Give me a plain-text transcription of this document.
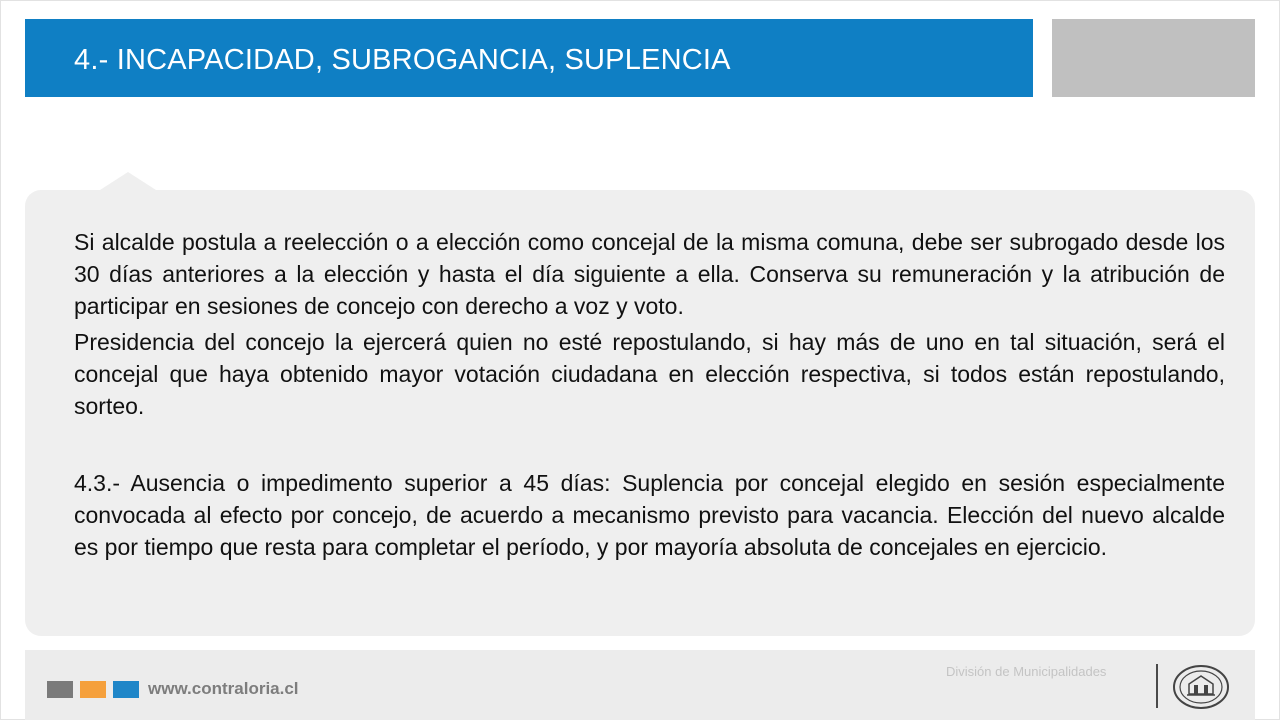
4.- INCAPACIDAD, SUBROGANCIA, SUPLENCIA

Si alcalde postula a reelección o a elección como concejal de la misma comuna, debe ser subrogado desde los 30 días anteriores a la elección y hasta el día siguiente a ella. Conserva su remuneración y la atribución de participar en sesiones de concejo con derecho a voz y voto.

Presidencia del concejo la ejercerá quien no esté repostulando, si hay más de uno en tal situación, será el concejal que haya obtenido mayor votación ciudadana en elección respectiva, si todos están repostulando, sorteo.

4.3.- Ausencia o impedimento superior a 45 días: Suplencia por concejal elegido en sesión especialmente convocada al efecto por concejo, de acuerdo a mecanismo previsto para vacancia. Elección del nuevo alcalde es por tiempo que resta para completar el período, y por mayoría absoluta de concejales en ejercicio.

www.contraloria.cl
División de Municipalidades
